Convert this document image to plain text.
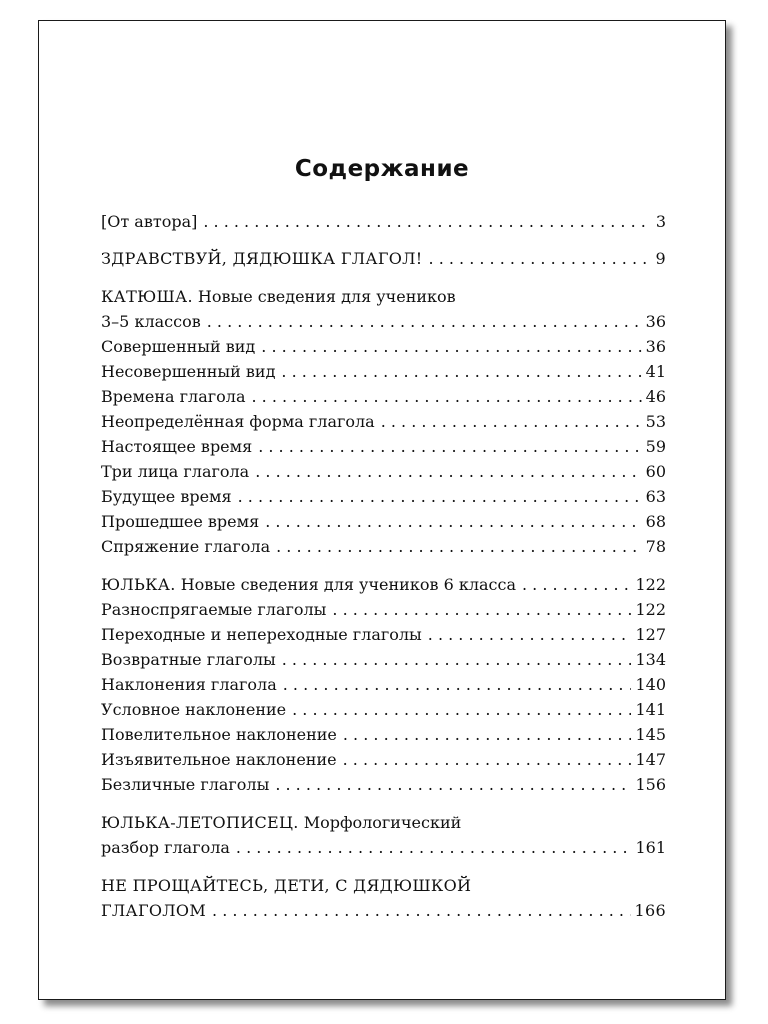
Содержание
[От автора] . . .	3
ЗДРАВСТВУЙ, ДЯДЮШКА ГЛАГОЛ! . . .	9
КАТЮША. Новые сведения для учеников
3–5 классов . . .	36
Совершенный вид . . .	36
Несовершенный вид . . .	41
Времена глагола . . .	46
Неопределённая форма глагола . . .	53
Настоящее время . . .	59
Три лица глагола . . .	60
Будущее время . . .	63
Прошедшее время . . .	68
Спряжение глагола . . .	78
ЮЛЬКА. Новые сведения для учеников 6 класса . . .	122
Разноспрягаемые глаголы . . .	122
Переходные и непереходные глаголы . . .	127
Возвратные глаголы . . .	134
Наклонения глагола . . .	140
Условное наклонение . . .	141
Повелительное наклонение . . .	145
Изъявительное наклонение . . .	147
Безличные глаголы . . .	156
ЮЛЬКА-ЛЕТОПИСЕЦ. Морфологический
разбор глагола . . .	161
НЕ ПРОЩАЙТЕСЬ, ДЕТИ, С ДЯДЮШКОЙ
ГЛАГОЛОМ . . .	166
